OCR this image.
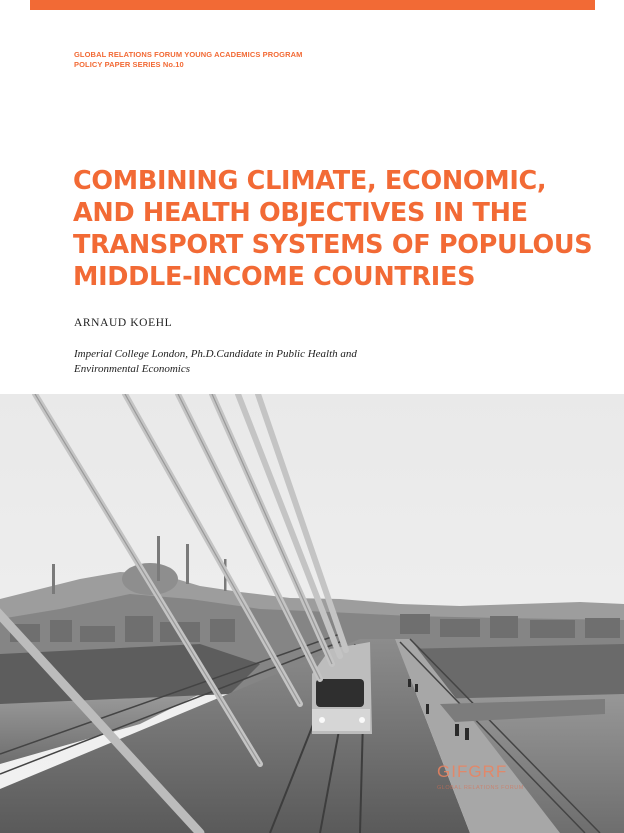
GLOBAL RELATIONS FORUM YOUNG ACADEMICS PROGRAM
POLICY PAPER SERIES No.10
COMBINING CLIMATE, ECONOMIC,
AND HEALTH OBJECTIVES IN THE
TRANSPORT SYSTEMS OF POPULOUS
MIDDLE-INCOME COUNTRIES
ARNAUD KOEHL
Imperial College London, Ph.D.Candidate in Public Health and
Environmental Economics
GIFGRF
GLOBAL RELATIONS FORUM
